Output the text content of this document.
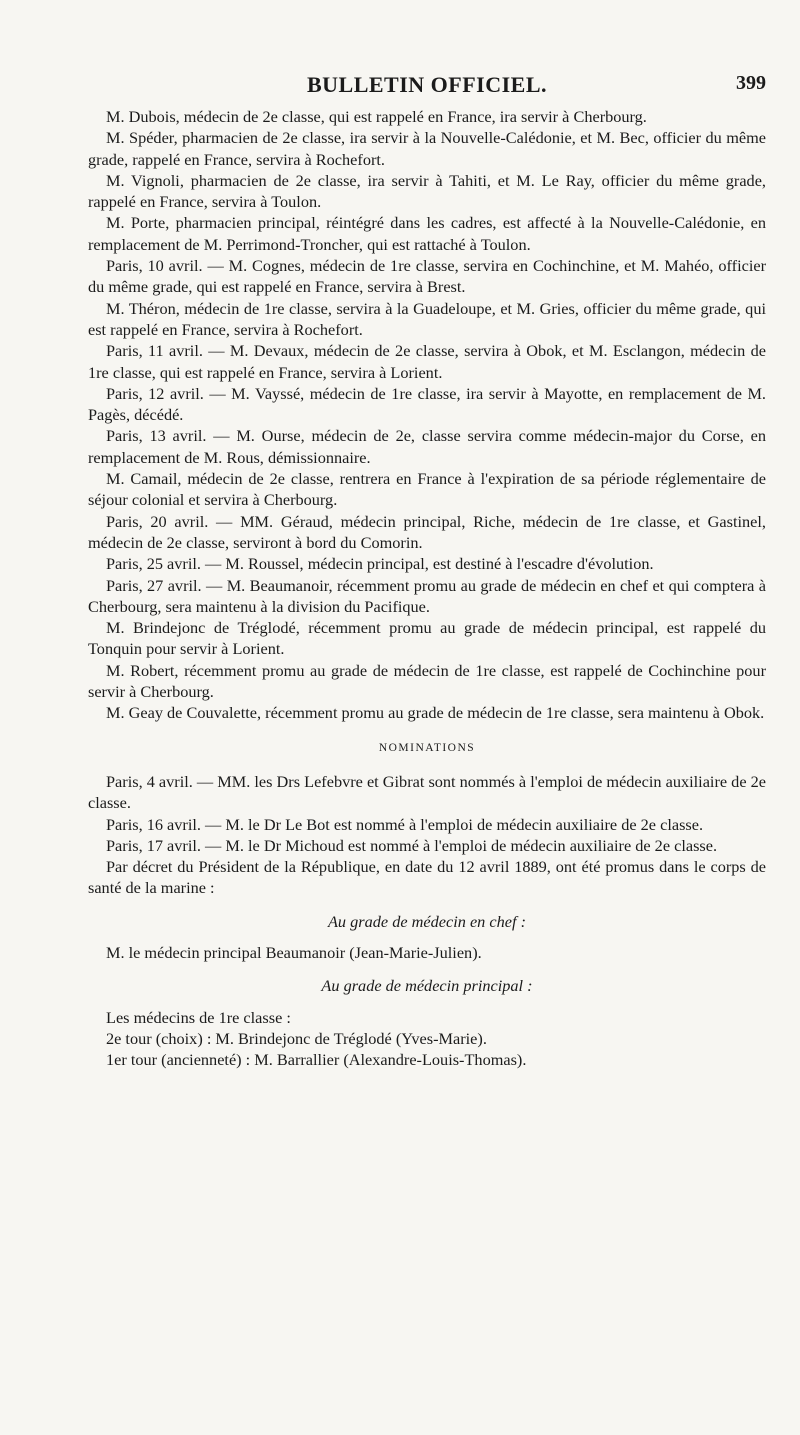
BULLETIN OFFICIEL.	399

M. Dubois, médecin de 2e classe, qui est rappelé en France, ira servir à Cherbourg.

M. Spéder, pharmacien de 2e classe, ira servir à la Nouvelle-Calédonie, et M. Bec, officier du même grade, rappelé en France, servira à Rochefort.

M. Vignoli, pharmacien de 2e classe, ira servir à Tahiti, et M. Le Ray, officier du même grade, rappelé en France, servira à Toulon.

M. Porte, pharmacien principal, réintégré dans les cadres, est affecté à la Nouvelle-Calédonie, en remplacement de M. Perrimond-Troncher, qui est rattaché à Toulon.

Paris, 10 avril. — M. Cognes, médecin de 1re classe, servira en Cochinchine, et M. Mahéo, officier du même grade, qui est rappelé en France, servira à Brest.

M. Théron, médecin de 1re classe, servira à la Guadeloupe, et M. Gries, officier du même grade, qui est rappelé en France, servira à Rochefort.

Paris, 11 avril. — M. Devaux, médecin de 2e classe, servira à Obok, et M. Esclangon, médecin de 1re classe, qui est rappelé en France, servira à Lorient.

Paris, 12 avril. — M. Vayssé, médecin de 1re classe, ira servir à Mayotte, en remplacement de M. Pagès, décédé.

Paris, 13 avril. — M. Ourse, médecin de 2e, classe servira comme médecin-major du Corse, en remplacement de M. Rous, démissionnaire.

M. Camail, médecin de 2e classe, rentrera en France à l'expiration de sa période réglementaire de séjour colonial et servira à Cherbourg.

Paris, 20 avril. — MM. Géraud, médecin principal, Riche, médecin de 1re classe, et Gastinel, médecin de 2e classe, serviront à bord du Comorin.

Paris, 25 avril. — M. Roussel, médecin principal, est destiné à l'escadre d'évolution.

Paris, 27 avril. — M. Beaumanoir, récemment promu au grade de médecin en chef et qui comptera à Cherbourg, sera maintenu à la division du Pacifique.

M. Brindejonc de Tréglodé, récemment promu au grade de médecin principal, est rappelé du Tonquin pour servir à Lorient.

M. Robert, récemment promu au grade de médecin de 1re classe, est rappelé de Cochinchine pour servir à Cherbourg.

M. Geay de Couvalette, récemment promu au grade de médecin de 1re classe, sera maintenu à Obok.

NOMINATIONS

Paris, 4 avril. — MM. les Drs Lefebvre et Gibrat sont nommés à l'emploi de médecin auxiliaire de 2e classe.

Paris, 16 avril. — M. le Dr Le Bot est nommé à l'emploi de médecin auxiliaire de 2e classe.

Paris, 17 avril. — M. le Dr Michoud est nommé à l'emploi de médecin auxiliaire de 2e classe.

Par décret du Président de la République, en date du 12 avril 1889, ont été promus dans le corps de santé de la marine :

Au grade de médecin en chef :

M. le médecin principal Beaumanoir (Jean-Marie-Julien).

Au grade de médecin principal :

Les médecins de 1re classe :

2e tour (choix) : M. Brindejonc de Tréglodé (Yves-Marie).

1er tour (ancienneté) : M. Barrallier (Alexandre-Louis-Thomas).
